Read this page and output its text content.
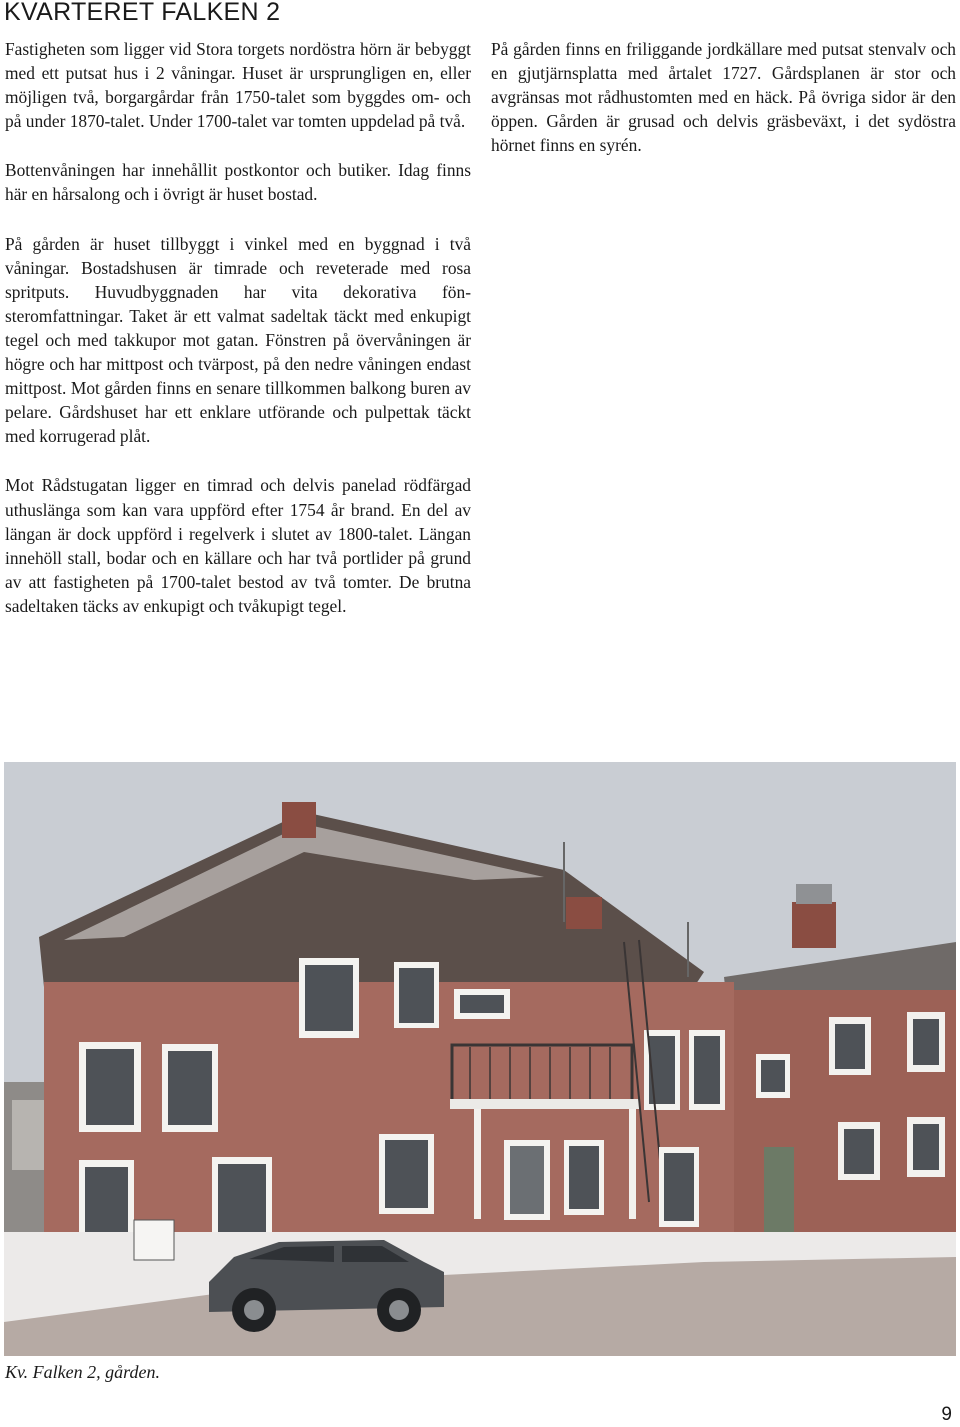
KVARTERET FALKEN 2

Fastigheten som ligger vid Stora torgets nordöstra hörn är bebyggt med ett putsat hus i 2 våningar. Huset är ursprungligen en, eller möjligen två, borgargårdar från 1750-talet som byggdes om- och på under 1870-talet. Under 1700-talet var tomten uppdelad på två.

Bottenvåningen har innehållit postkontor och butiker. Idag finns här en hårsalong och i övrigt är huset bostad.

På gården är huset tillbyggt i vinkel med en byggnad i två våningar. Bostadshusen är timrade och reveterade med rosa spritputs. Huvudbyggnaden har vita dekorativa fönsteromfattningar. Taket är ett valmat sadeltak täckt med enkupigt tegel och med takkupor mot gatan. Fönstren på övervåningen är högre och har mittpost och tvärpost, på den nedre våningen endast mittpost. Mot gården finns en senare tillkommen balkong buren av pelare. Gårdshuset har ett enklare utförande och pulpettak täckt med korrugerad plåt.

Mot Rådstugatan ligger en timrad och delvis panelad rödfärgad uthuslänga som kan vara uppförd efter 1754 år brand. En del av längan är dock uppförd i regelverk i slutet av 1800-talet. Längan innehöll stall, bodar och en källare och har två portlider på grund av att fastigheten på 1700-talet bestod av två tomter. De brutna sadeltaken täcks av enkupigt och tvåkupigt tegel.

På gården finns en friliggande jordkällare med putsat stenvalv och en gjutjärnsplatta med årtalet 1727. Gårdsplanen är stor och avgränsas mot rådhustomten med en häck. På övriga sidor är den öppen. Gården är grusad och delvis gräsbeväxt, i det sydöstra hörnet finns en syrén.

Kv. Falken 2, gården.
9
